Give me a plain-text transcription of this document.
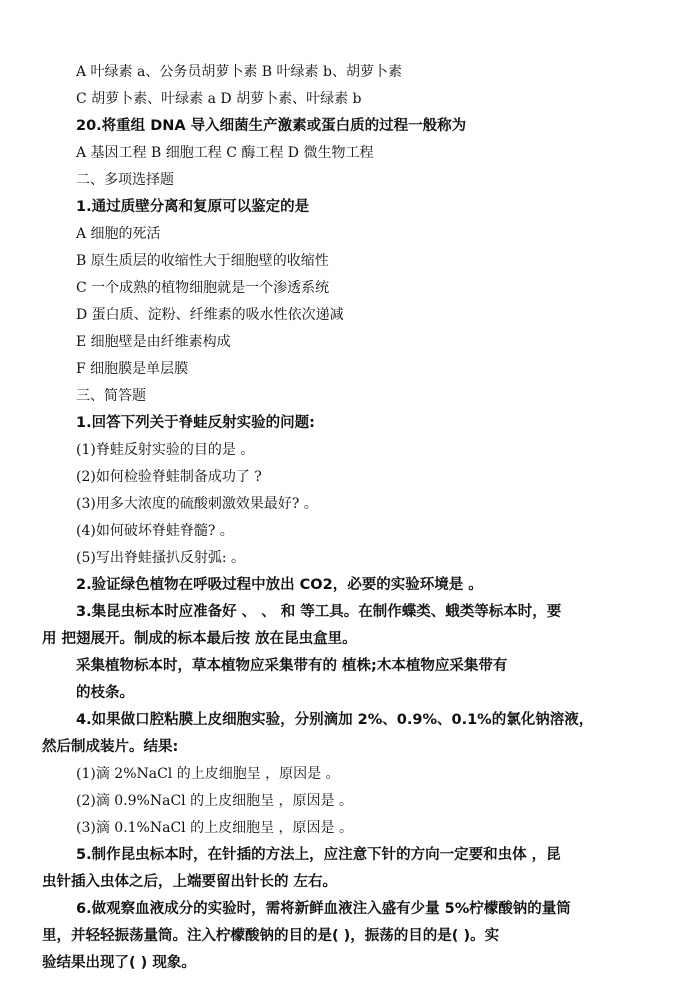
A 叶绿素 a、公务员胡萝卜素 B 叶绿素 b、胡萝卜素
C 胡萝卜素、叶绿素 a D 胡萝卜素、叶绿素 b
20.将重组 DNA 导入细菌生产激素或蛋白质的过程一般称为
A 基因工程 B 细胞工程 C 酶工程 D 微生物工程
二、多项选择题
1.通过质壁分离和复原可以鉴定的是
A 细胞的死活
B 原生质层的收缩性大于细胞壁的收缩性
C 一个成熟的植物细胞就是一个渗透系统
D 蛋白质、淀粉、纤维素的吸水性依次递减
E 细胞壁是由纤维素构成
F 细胞膜是单层膜
三、简答题
1.回答下列关于脊蛙反射实验的问题:
(1)脊蛙反射实验的目的是 。
(2)如何检验脊蛙制备成功了 ?
(3)用多大浓度的硫酸刺激效果最好? 。
(4)如何破坏脊蛙脊髓? 。
(5)写出脊蛙搔扒反射弧: 。
2.验证绿色植物在呼吸过程中放出 CO2，必要的实验环境是 。
3.集昆虫标本时应准备好 、 、 和 等工具。在制作蝶类、蛾类等标本时，要
用 把翅展开。制成的标本最后按 放在昆虫盒里。
采集植物标本时，草本植物应采集带有的 植株;木本植物应采集带有
的枝条。
4.如果做口腔粘膜上皮细胞实验，分别滴加 2%、0.9%、0.1%的氯化钠溶液，
然后制成装片。结果:
(1)滴 2%NaCl 的上皮细胞呈 ，原因是 。
(2)滴 0.9%NaCl 的上皮细胞呈 ，原因是 。
(3)滴 0.1%NaCl 的上皮细胞呈 ，原因是 。
5.制作昆虫标本时，在针插的方法上，应注意下针的方向一定要和虫体 ，昆
虫针插入虫体之后，上端要留出针长的 左右。
6.做观察血液成分的实验时，需将新鲜血液注入盛有少量 5%柠檬酸钠的量筒
里，并轻轻振荡量筒。注入柠檬酸钠的目的是( )，振荡的目的是( )。实
验结果出现了( ) 现象。
